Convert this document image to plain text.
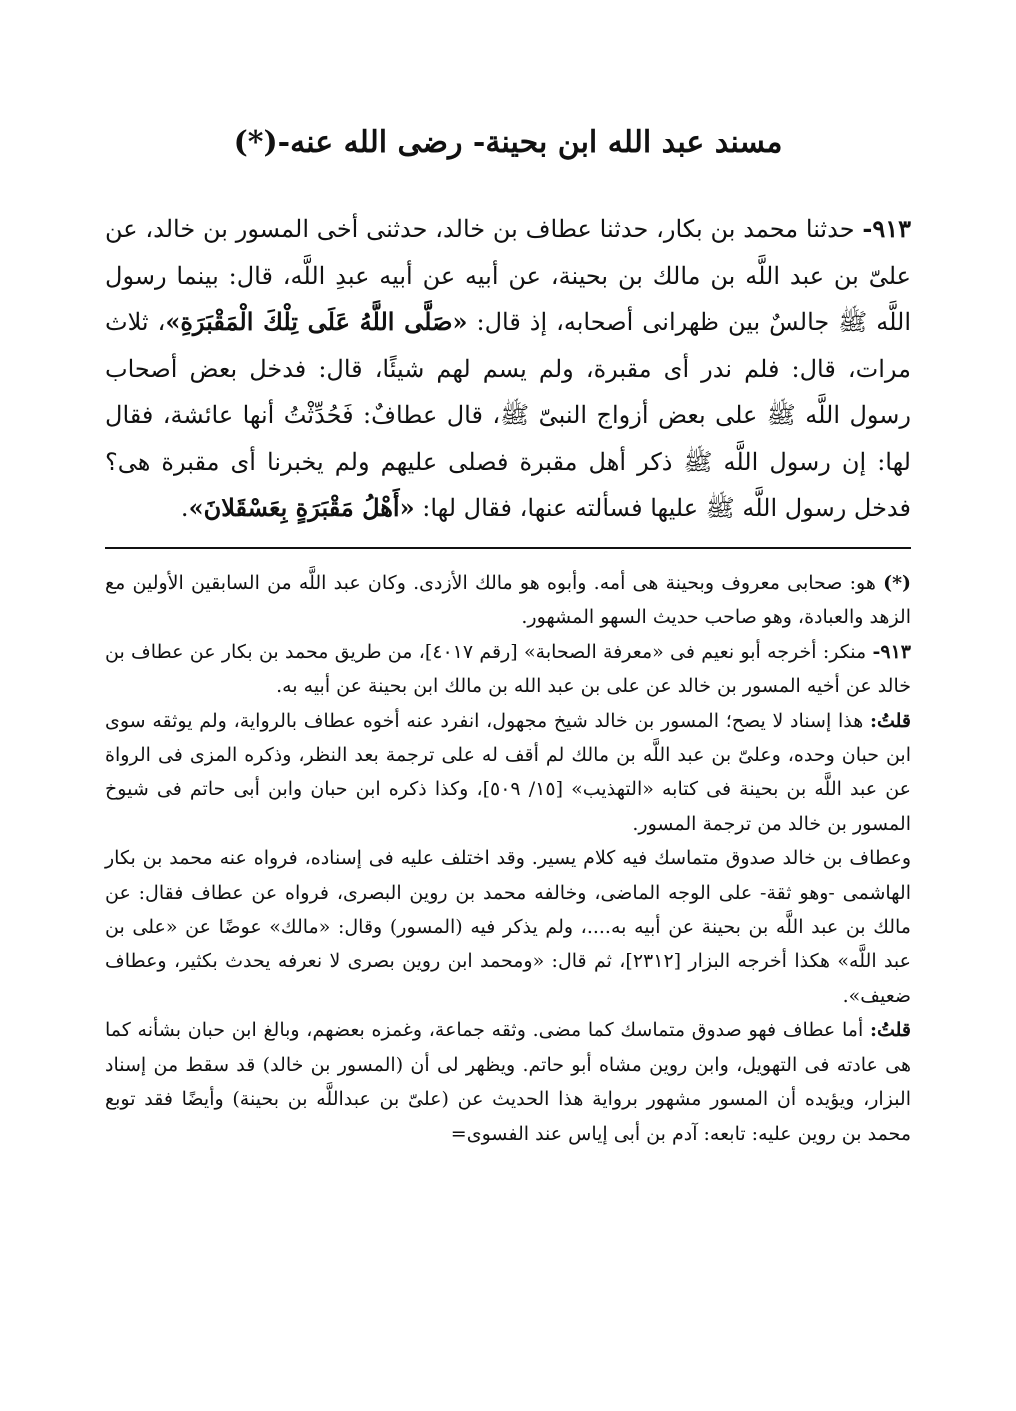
مسند عبد الله ابن بحينة- رضى الله عنه-(*)
٩١٣- حدثنا محمد بن بكار، حدثنا عطاف بن خالد، حدثنى أخى المسور بن خالد، عن علىّ بن عبد اللَّه بن مالك بن بحينة، عن أبيه عن أبيه عبدِ اللَّه، قال: بينما رسول اللَّه ﷺ جالسٌ بين ظهرانى أصحابه، إذ قال: «صَلَّى اللَّهُ عَلَى تِلْكَ الْمَقْبَرَةِ»، ثلاث مرات، قال: فلم ندر أى مقبرة، ولم يسم لهم شيئًا، قال: فدخل بعض أصحاب رسول اللَّه ﷺ على بعض أزواج النبىّ ﷺ، قال عطافٌ: فَحُدِّثْتُ أنها عائشة، فقال لها: إن رسول اللَّه ﷺ ذكر أهل مقبرة فصلى عليهم ولم يخبرنا أى مقبرة هى؟ فدخل رسول اللَّه ﷺ عليها فسألته عنها، فقال لها: «أَهْلُ مَقْبَرَةٍ بِعَسْقَلانَ».

(*) هو: صحابى معروف وبحينة هى أمه. وأبوه هو مالك الأزدى. وكان عبد اللَّه من السابقين الأولين مع الزهد والعبادة، وهو صاحب حديث السهو المشهور.

٩١٣- منكر: أخرجه أبو نعيم فى «معرفة الصحابة» [رقم ٤٠١٧]، من طريق محمد بن بكار عن عطاف بن خالد عن أخيه المسور بن خالد عن على بن عبد الله بن مالك ابن بحينة عن أبيه به.

قلتُ: هذا إسناد لا يصح؛ المسور بن خالد شيخ مجهول، انفرد عنه أخوه عطاف بالرواية، ولم يوثقه سوى ابن حبان وحده، وعلىّ بن عبد اللَّه بن مالك لم أقف له على ترجمة بعد النظر، وذكره المزى فى الرواة عن عبد اللَّه بن بحينة فى كتابه «التهذيب» [١٥/ ٥٠٩]، وكذا ذكره ابن حبان وابن أبى حاتم فى شيوخ المسور بن خالد من ترجمة المسور.

وعطاف بن خالد صدوق متماسك فيه كلام يسير. وقد اختلف عليه فى إسناده، فرواه عنه محمد بن بكار الهاشمى -وهو ثقة- على الوجه الماضى، وخالفه محمد بن روين البصرى، فرواه عن عطاف فقال: عن مالك بن عبد اللَّه بن بحينة عن أبيه به....، ولم يذكر فيه (المسور) وقال: «مالك» عوضًا عن «على بن عبد اللَّه» هكذا أخرجه البزار [٢٣١٢]، ثم قال: «ومحمد ابن روين بصرى لا نعرفه يحدث بكثير، وعطاف ضعيف».

قلتُ: أما عطاف فهو صدوق متماسك كما مضى. وثقه جماعة، وغمزه بعضهم، وبالغ ابن حبان بشأنه كما هى عادته فى التهويل، وابن روين مشاه أبو حاتم. ويظهر لى أن (المسور بن خالد) قد سقط من إسناد البزار، ويؤيده أن المسور مشهور برواية هذا الحديث عن (علىّ بن عبداللَّه بن بحينة) وأيضًا فقد توبع محمد بن روين عليه: تابعه: آدم بن أبى إياس عند الفسوى=
